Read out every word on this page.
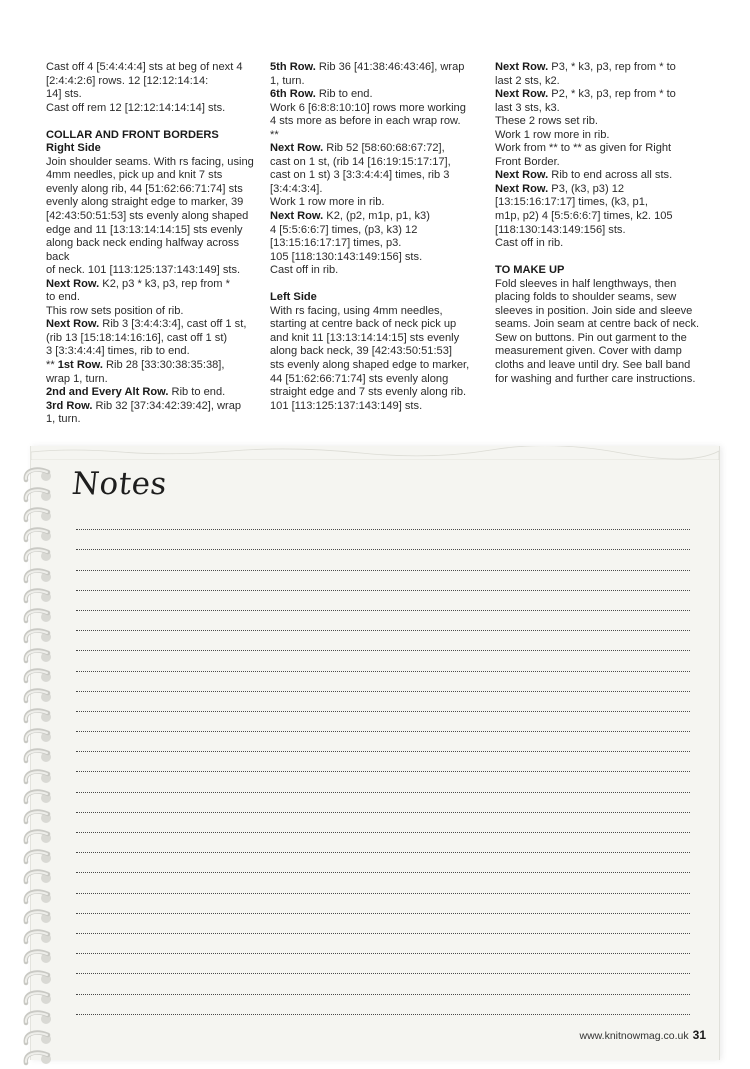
Cast off 4 [5:4:4:4:4] sts at beg of next 4

[2:4:4:2:6] rows. 12 [12:12:14:14:

14] sts.

Cast off rem 12 [12:12:14:14:14] sts.

COLLAR AND FRONT BORDERS

Right Side

Join shoulder seams. With rs facing, using

4mm needles, pick up and knit 7 sts

evenly along rib, 44 [51:62:66:71:74] sts

evenly along straight edge to marker, 39

[42:43:50:51:53] sts evenly along shaped

edge and 11 [13:13:14:14:15] sts evenly

along back neck ending halfway across back

of neck. 101 [113:125:137:143:149] sts.

Next Row. K2, p3 * k3, p3, rep from *

to end.

This row sets position of rib.

Next Row. Rib 3 [3:4:4:3:4], cast off 1 st,

(rib 13 [15:18:14:16:16], cast off 1 st)

3 [3:3:4:4:4] times, rib to end.

** 1st Row. Rib 28 [33:30:38:35:38],

wrap 1, turn.

2nd and Every Alt Row. Rib to end.

3rd Row. Rib 32 [37:34:42:39:42], wrap

1, turn.

5th Row. Rib 36 [41:38:46:43:46], wrap

1, turn.

6th Row. Rib to end.

Work 6 [6:8:8:10:10] rows more working

4 sts more as before in each wrap row.

**

Next Row. Rib 52 [58:60:68:67:72],

cast on 1 st, (rib 14 [16:19:15:17:17],

cast on 1 st) 3 [3:3:4:4:4] times, rib 3

[3:4:4:3:4].

Work 1 row more in rib.

Next Row. K2, (p2, m1p, p1, k3)

4 [5:5:6:6:7] times, (p3, k3) 12

[13:15:16:17:17] times, p3.

105 [118:130:143:149:156] sts.

Cast off in rib.

Left Side

With rs facing, using 4mm needles,

starting at centre back of neck pick up

and knit 11 [13:13:14:14:15] sts evenly

along back neck, 39 [42:43:50:51:53]

sts evenly along shaped edge to marker,

44 [51:62:66:71:74] sts evenly along

straight edge and 7 sts evenly along rib.

101 [113:125:137:143:149] sts.

Next Row. P3, * k3, p3, rep from * to

last 2 sts, k2.

Next Row. P2, * k3, p3, rep from * to

last 3 sts, k3.

These 2 rows set rib.

Work 1 row more in rib.

Work from ** to ** as given for Right

Front Border.

Next Row. Rib to end across all sts.

Next Row. P3, (k3, p3) 12

[13:15:16:17:17] times, (k3, p1,

m1p, p2) 4 [5:5:6:6:7] times, k2. 105

[118:130:143:149:156] sts.

Cast off in rib.

TO MAKE UP

Fold sleeves in half lengthways, then

placing folds to shoulder seams, sew

sleeves in position. Join side and sleeve

seams. Join seam at centre back of neck.

Sew on buttons. Pin out garment to the

measurement given. Cover with damp

cloths and leave until dry. See ball band

for washing and further care instructions.

Notes
www.knitnowmag.co.uk 31
